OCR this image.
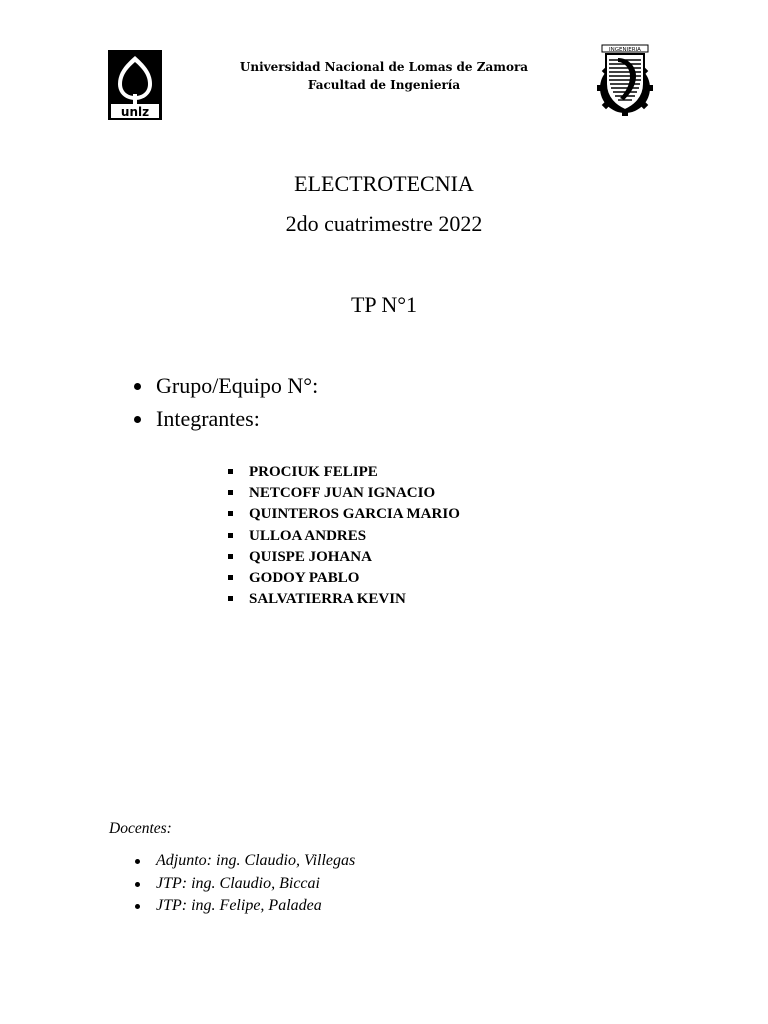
unlz
Universidad Nacional de Lomas de Zamora
Facultad de Ingeniería
INGENIERIA
ELECTROTECNIA
2do cuatrimestre 2022
TP N°1
Grupo/Equipo N°:
Integrantes:
PROCIUK FELIPE
NETCOFF JUAN IGNACIO
QUINTEROS GARCIA MARIO
ULLOA ANDRES
QUISPE JOHANA
GODOY PABLO
SALVATIERRA KEVIN
Docentes:
Adjunto: ing. Claudio, Villegas
JTP: ing. Claudio, Biccai
JTP: ing. Felipe, Paladea
